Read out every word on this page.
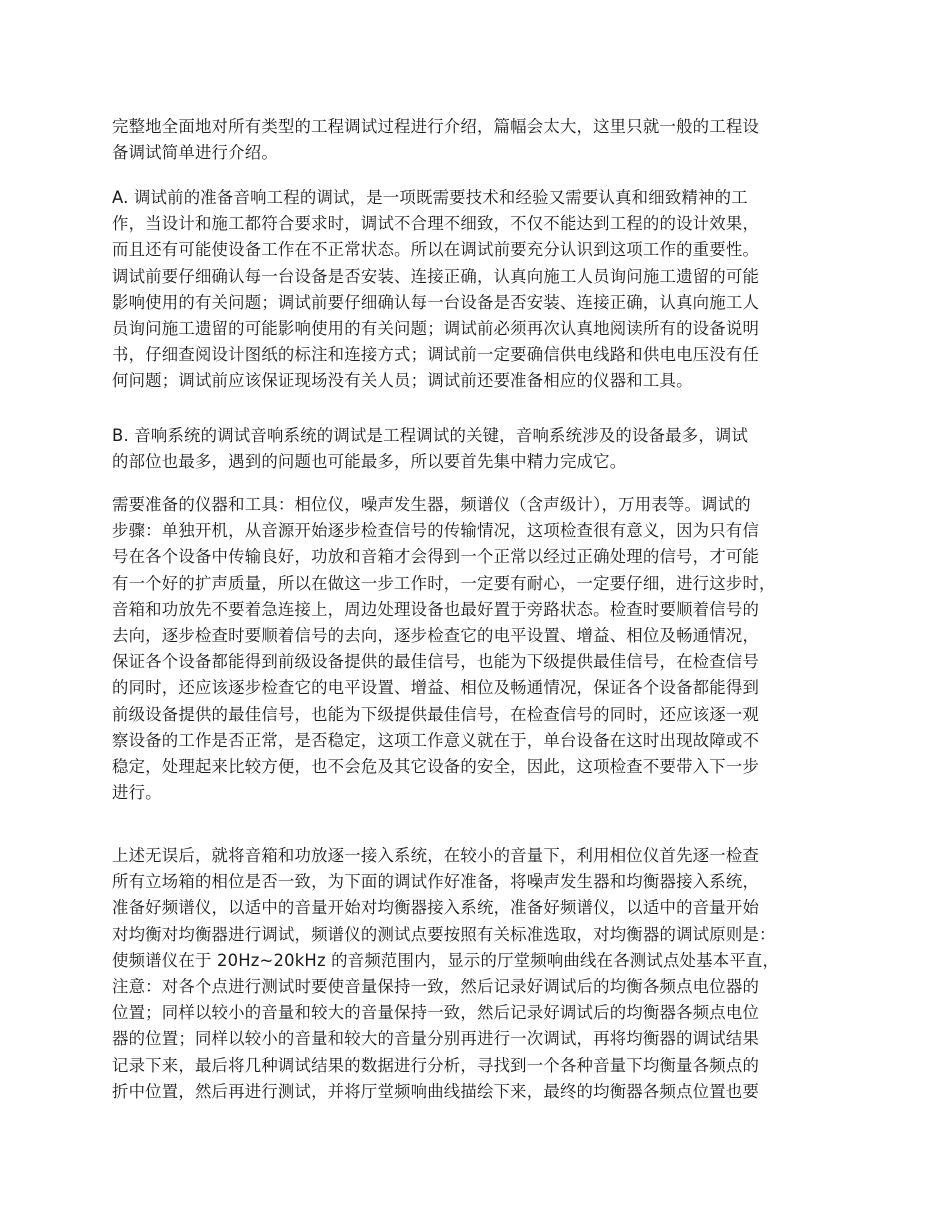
完整地全面地对所有类型的工程调试过程进行介绍，篇幅会太大，这里只就一般的工程设
备调试简单进行介绍。
A. 调试前的准备音响工程的调试，是一项既需要技术和经验又需要认真和细致精神的工
作，当设计和施工都符合要求时，调试不合理不细致，不仅不能达到工程的的设计效果，
而且还有可能使设备工作在不正常状态。所以在调试前要充分认识到这项工作的重要性。
调试前要仔细确认每一台设备是否安装、连接正确，认真向施工人员询问施工遗留的可能
影响使用的有关问题；调试前要仔细确认每一台设备是否安装、连接正确，认真向施工人
员询问施工遗留的可能影响使用的有关问题；调试前必须再次认真地阅读所有的设备说明
书，仔细查阅设计图纸的标注和连接方式；调试前一定要确信供电线路和供电电压没有任
何问题；调试前应该保证现场没有关人员；调试前还要准备相应的仪器和工具。
B. 音响系统的调试音响系统的调试是工程调试的关键，音响系统涉及的设备最多，调试
的部位也最多，遇到的问题也可能最多，所以要首先集中精力完成它。
需要准备的仪器和工具：相位仪，噪声发生器，频谱仪（含声级计），万用表等。调试的
步骤：单独开机，从音源开始逐步检查信号的传输情况，这项检查很有意义，因为只有信
号在各个设备中传输良好，功放和音箱才会得到一个正常以经过正确处理的信号，才可能
有一个好的扩声质量，所以在做这一步工作时，一定要有耐心，一定要仔细，进行这步时，
音箱和功放先不要着急连接上，周边处理设备也最好置于旁路状态。检查时要顺着信号的
去向，逐步检查时要顺着信号的去向，逐步检查它的电平设置、增益、相位及畅通情况，
保证各个设备都能得到前级设备提供的最佳信号，也能为下级提供最佳信号，在检查信号
的同时，还应该逐步检查它的电平设置、增益、相位及畅通情况，保证各个设备都能得到
前级设备提供的最佳信号，也能为下级提供最佳信号，在检查信号的同时，还应该逐一观
察设备的工作是否正常，是否稳定，这项工作意义就在于，单台设备在这时出现故障或不
稳定，处理起来比较方便，也不会危及其它设备的安全，因此，这项检查不要带入下一步
进行。
上述无误后，就将音箱和功放逐一接入系统，在较小的音量下，利用相位仪首先逐一检查
所有立场箱的相位是否一致，为下面的调试作好准备，将噪声发生器和均衡器接入系统，
准备好频谱仪，以适中的音量开始对均衡器接入系统，准备好频谱仪，以适中的音量开始
对均衡对均衡器进行调试，频谱仪的测试点要按照有关标准选取，对均衡器的调试原则是：
使频谱仪在于 20Hz~20kHz 的音频范围内，显示的厅堂频响曲线在各测试点处基本平直，
注意：对各个点进行测试时要使音量保持一致，然后记录好调试后的均衡各频点电位器的
位置；同样以较小的音量和较大的音量保持一致，然后记录好调试后的均衡器各频点电位
器的位置；同样以较小的音量和较大的音量分别再进行一次调试，再将均衡器的调试结果
记录下来，最后将几种调试结果的数据进行分析，寻找到一个各种音量下均衡量各频点的
折中位置，然后再进行测试，并将厅堂频响曲线描绘下来，最终的均衡器各频点位置也要
